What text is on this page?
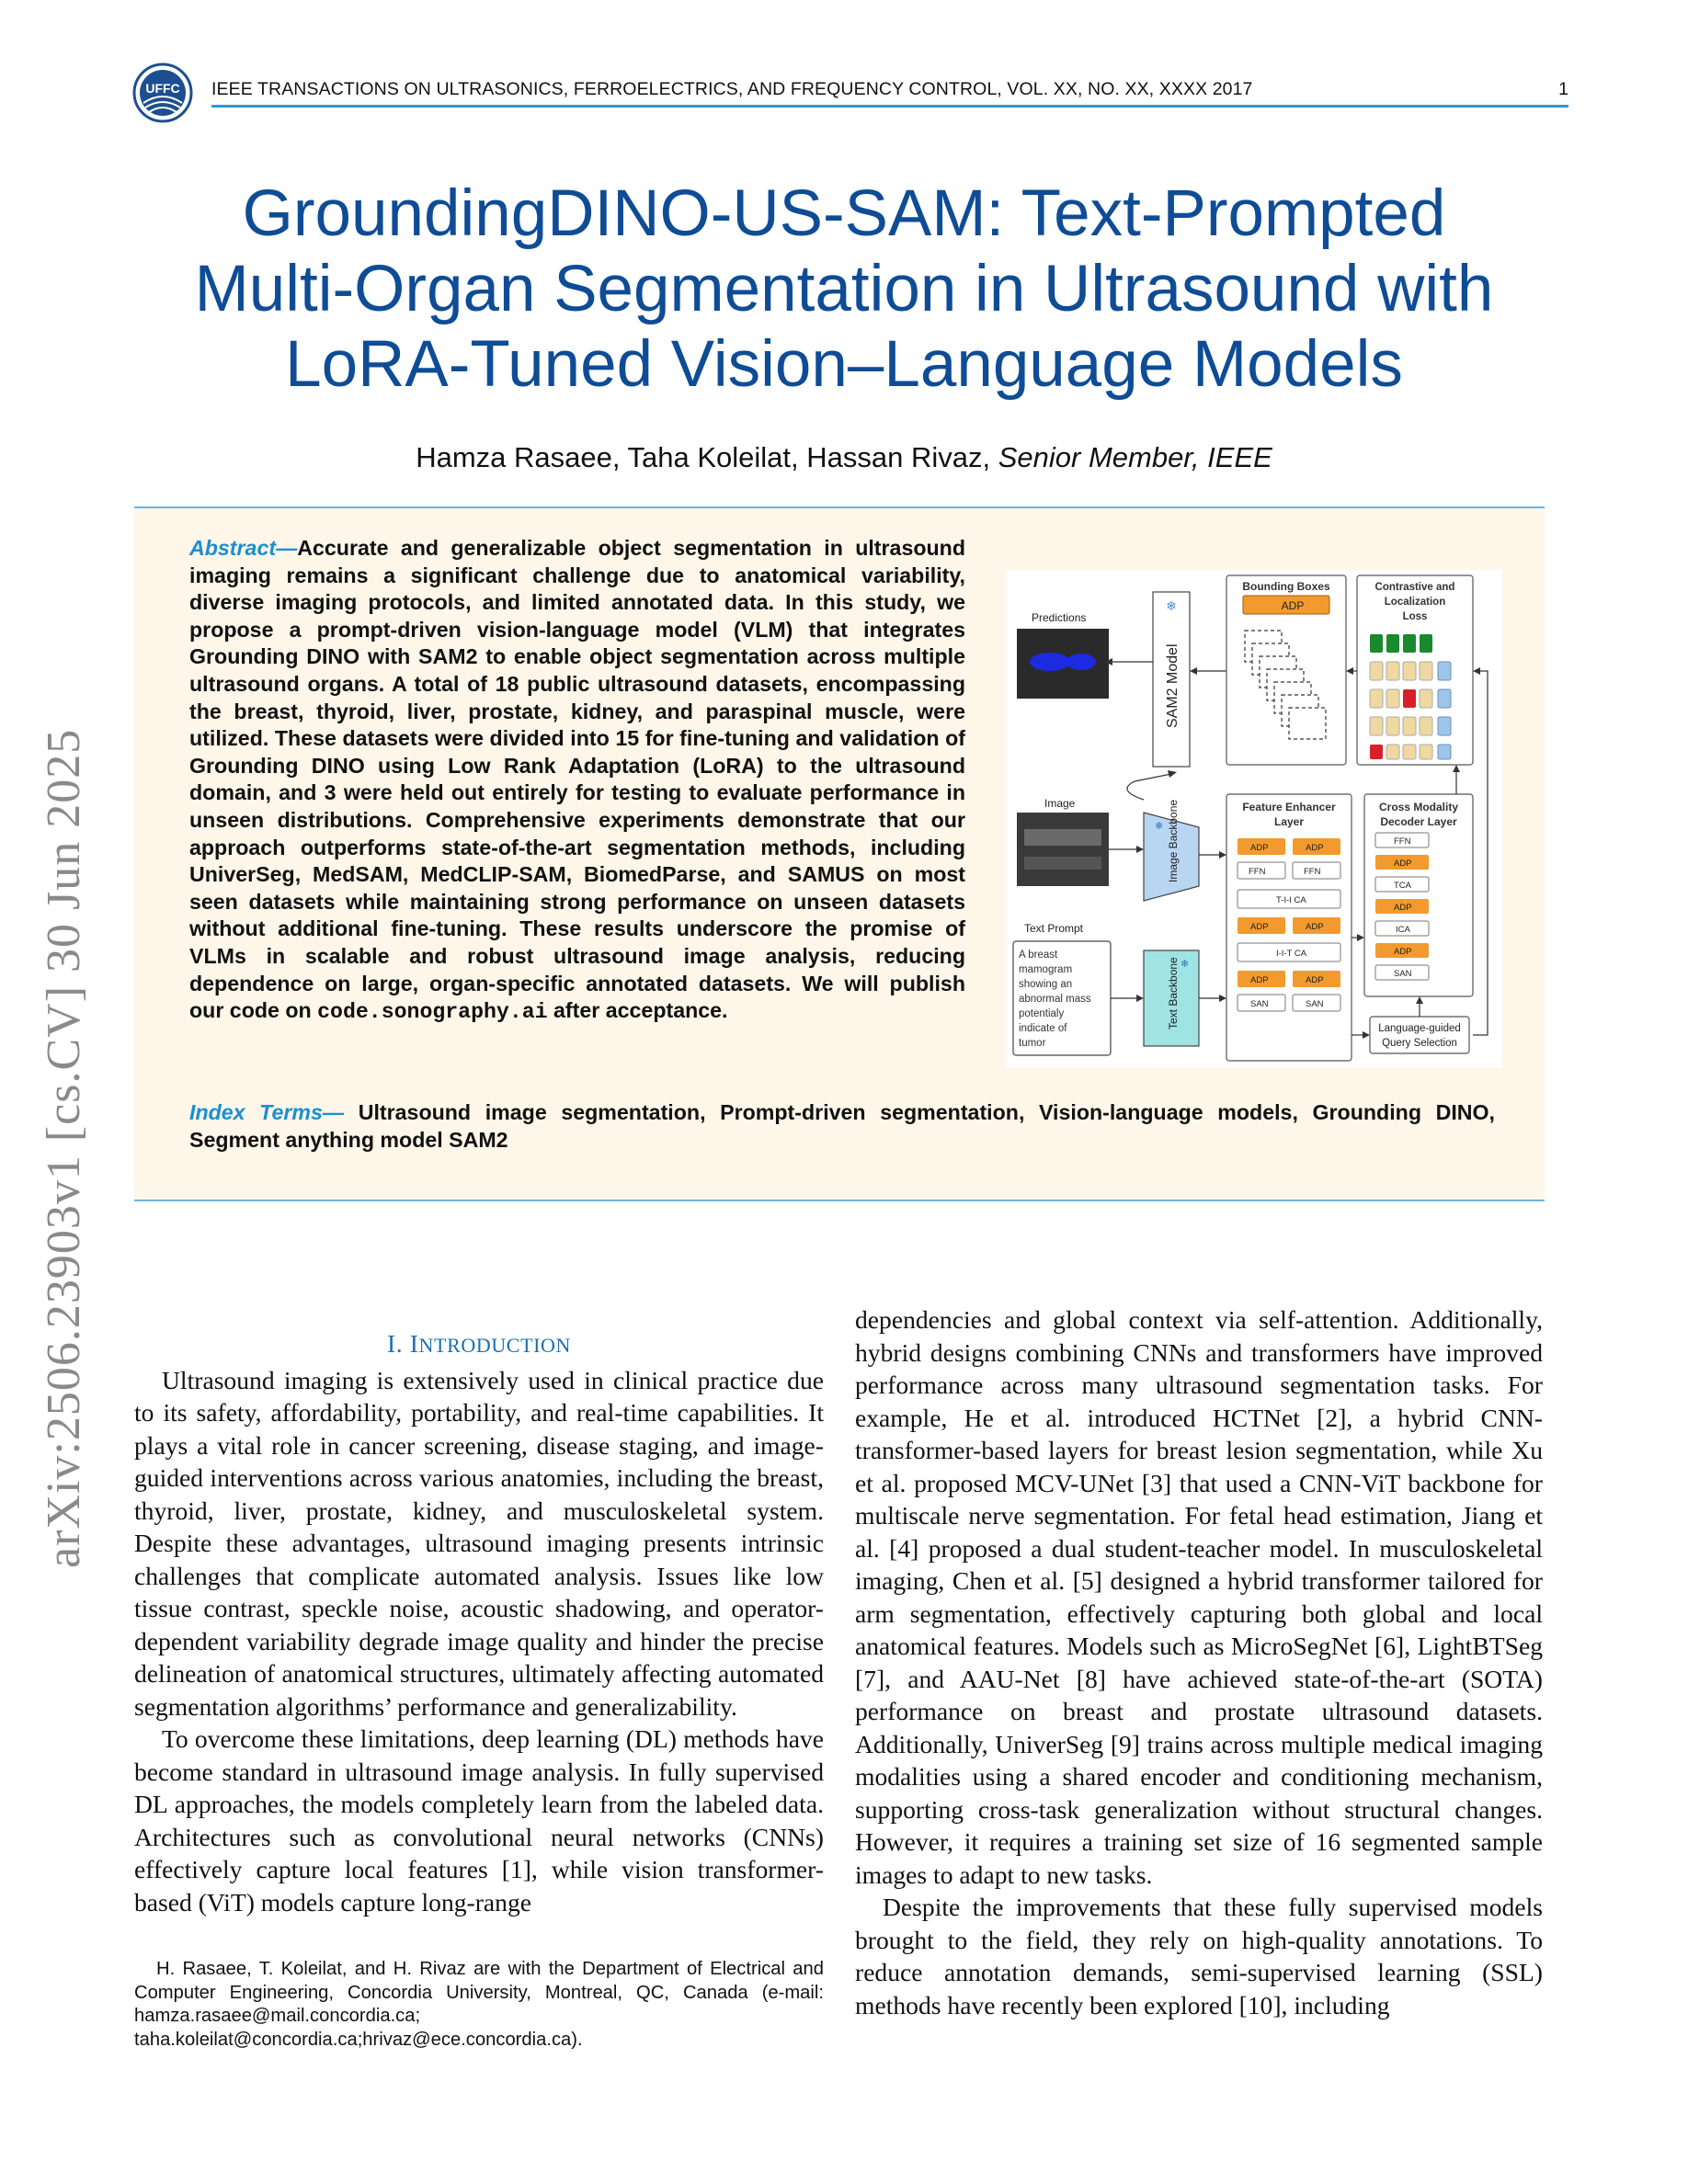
UFFC IEEE TRANSACTIONS ON ULTRASONICS, FERROELECTRICS, AND FREQUENCY CONTROL, VOL. XX, NO. XX, XXXX 2017	1
GroundingDINO-US-SAM: Text-Prompted
Multi-Organ Segmentation in Ultrasound with
LoRA-Tuned Vision–Language Models
Hamza Rasaee, Taha Koleilat, Hassan Rivaz, Senior Member, IEEE
Abstract—Accurate and generalizable object segmentation in ultrasound imaging remains a significant challenge due to anatomical variability, diverse imaging protocols, and limited annotated data. In this study, we propose a prompt-driven vision-language model (VLM) that integrates Grounding DINO with SAM2 to enable object segmentation across multiple ultrasound organs. A total of 18 public ultrasound datasets, encompassing the breast, thyroid, liver, prostate, kidney, and paraspinal muscle, were utilized. These datasets were divided into 15 for fine-tuning and validation of Grounding DINO using Low Rank Adaptation (LoRA) to the ultrasound domain, and 3 were held out entirely for testing to evaluate performance in unseen distributions. Comprehensive experiments demonstrate that our approach outperforms state-of-the-art segmentation methods, including UniverSeg, MedSAM, MedCLIP-SAM, BiomedParse, and SAMUS on most seen datasets while maintaining strong performance on unseen datasets without additional fine-tuning. These results underscore the promise of VLMs in scalable and robust ultrasound image analysis, reducing dependence on large, organ-specific annotated datasets. We will publish our code on code.sonography.ai after acceptance.
Predictions
SAM2 Model
❄
Image	Image Backbone
❄
Text Prompt
A breast
mamogram
showing an
abnormal mass
potentialy
indicate of
tumor
Text Backbone ❄
Bounding Boxes
ADP
Contrastive and
Localization
Loss
Feature Enhancer
Layer
ADP	ADP
FFN	FFN
T-I-I CA
ADP	ADP
I-I-T CA
ADP	ADP
SAN	SAN
Cross Modality
Decoder Layer
FFN
ADP
TCA
ADP
ICA
ADP
SAN
Language-guided
Query Selection
Index Terms— Ultrasound image segmentation, Prompt-driven segmentation, Vision-language models, Grounding DINO, Segment anything model SAM2
arXiv:2506.23903v1 [cs.CV] 30 Jun 2025	I. INTRODUCTION

Ultrasound imaging is extensively used in clinical practice due to its safety, affordability, portability, and real-time capabilities. It plays a vital role in cancer screening, disease staging, and image-guided interventions across various anatomies, including the breast, thyroid, liver, prostate, kidney, and musculoskeletal system. Despite these advantages, ultrasound imaging presents intrinsic challenges that complicate automated analysis. Issues like low tissue contrast, speckle noise, acoustic shadowing, and operator-dependent variability degrade image quality and hinder the precise delineation of anatomical structures, ultimately affecting automated segmentation algorithms’ performance and generalizability.

To overcome these limitations, deep learning (DL) methods have become standard in ultrasound image analysis. In fully supervised DL approaches, the models completely learn from the labeled data. Architectures such as convolutional neural networks (CNNs) effectively capture local features [1], while vision transformer-based (ViT) models capture long-range

dependencies and global context via self-attention. Additionally, hybrid designs combining CNNs and transformers have improved performance across many ultrasound segmentation tasks. For example, He et al. introduced HCTNet [2], a hybrid CNN-transformer-based layers for breast lesion segmentation, while Xu et al. proposed MCV-UNet [3] that used a CNN-ViT backbone for multiscale nerve segmentation. For fetal head estimation, Jiang et al. [4] proposed a dual student-teacher model. In musculoskeletal imaging, Chen et al. [5] designed a hybrid transformer tailored for arm segmentation, effectively capturing both global and local anatomical features. Models such as MicroSegNet [6], LightBTSeg [7], and AAU-Net [8] have achieved state-of-the-art (SOTA) performance on breast and prostate ultrasound datasets. Additionally, UniverSeg [9] trains across multiple medical imaging modalities using a shared encoder and conditioning mechanism, supporting cross-task generalization without structural changes. However, it requires a training set size of 16 segmented sample images to adapt to new tasks.

Despite the improvements that these fully supervised models brought to the field, they rely on high-quality annotations. To reduce annotation demands, semi-supervised learning (SSL) methods have recently been explored [10], including

H. Rasaee, T. Koleilat, and H. Rivaz are with the Department of Electrical and Computer Engineering, Concordia University, Montreal, QC, Canada (e-mail: hamza.rasaee@mail.concordia.ca; taha.koleilat@concordia.ca;hrivaz@ece.concordia.ca).
